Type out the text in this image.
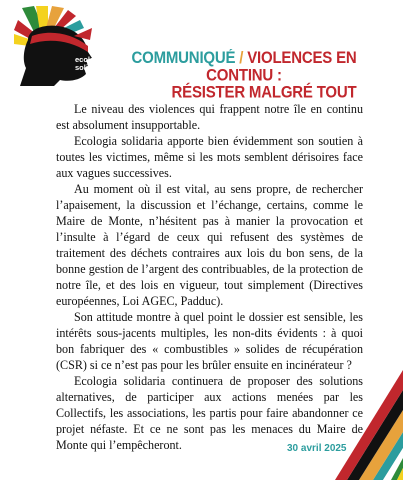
ecologia
solidaria
COMMUNIQUÉ / VIOLENCES EN CONTINU :
RÉSISTER MALGRÉ TOUT

Le niveau des violences qui frappent notre île en continu est absolument insupportable.

Ecologia solidaria apporte bien évidemment son soutien à toutes les victimes, même si les mots semblent dérisoires face aux vagues successives.

Au moment où il est vital, au sens propre, de rechercher l’apaisement, la discussion et l’échange, certains, comme le Maire de Monte, n’hésitent pas à manier la provocation et l’insulte à l’égard de ceux qui refusent des systèmes de traitement des déchets contraires aux lois du bon sens, de la bonne gestion de l’argent des contribuables, de la protection de notre île, et des lois en vigueur, tout simplement (Directives européennes, Loi AGEC, Padduc).

Son attitude montre à quel point le dossier est sensible, les intérêts sous-jacents multiples, les non-dits évidents : à quoi bon fabriquer des « combustibles » solides de récupération (CSR) si ce n’est pas pour les brûler ensuite en incinérateur ?

Ecologia solidaria continuera de proposer des solutions alternatives, de participer aux actions menées par les Collectifs, les associations, les partis pour faire abandonner ce projet néfaste. Et ce ne sont pas les menaces du Maire de Monte qui l’empêcheront.	30 avril 2025
